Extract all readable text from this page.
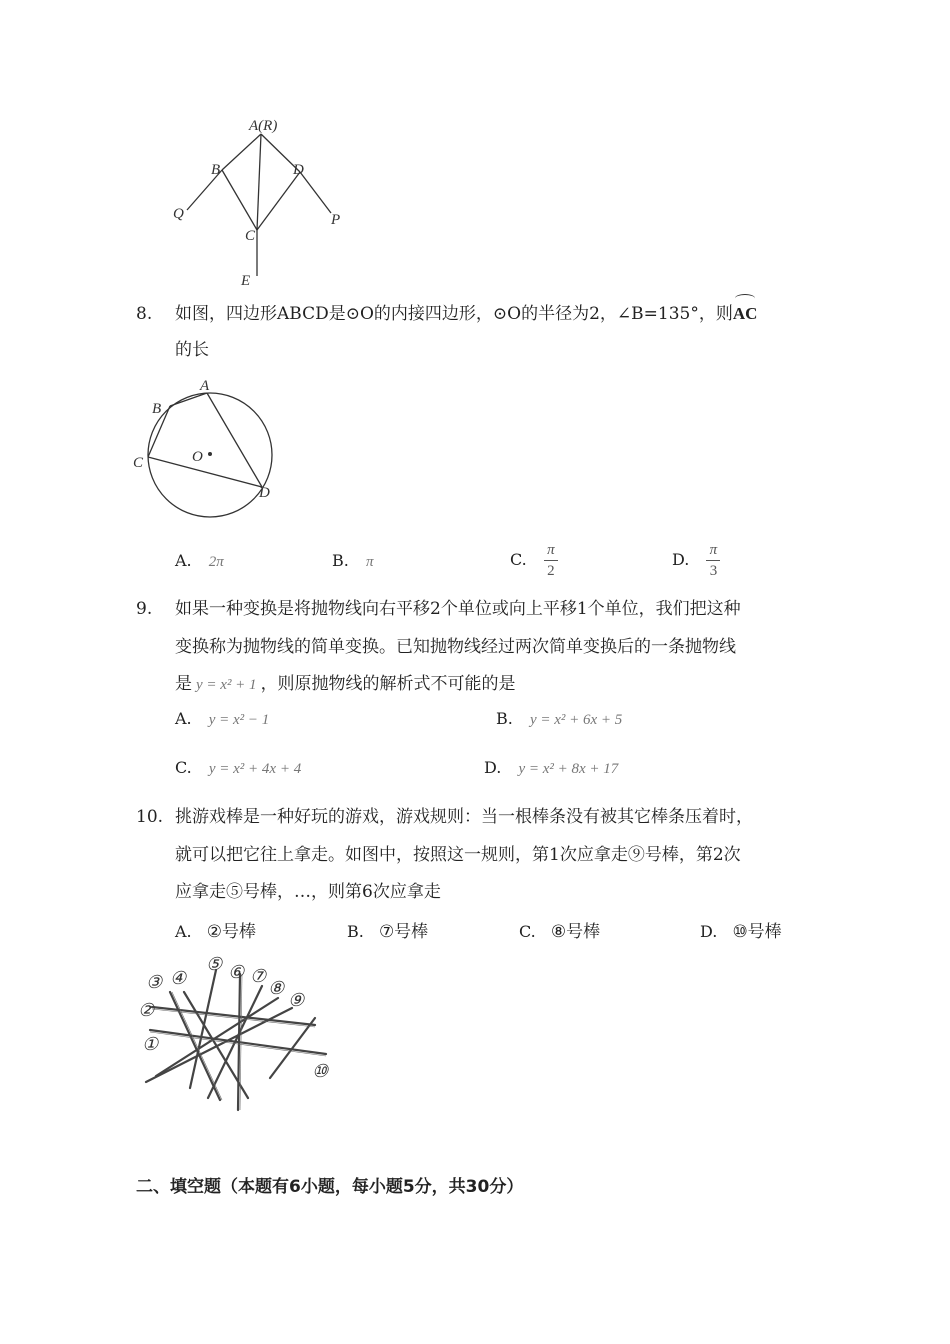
A(R)
B	D
Q	P
C
E
8. 如图，四边形ABCD是⊙O的内接四边形，⊙O的半径为2，∠B=135°，则AC
的长
A
B
C
D
O
A. 2π	B. π	C. $\frac{\pi}{2}$	D. $\frac{\pi}{3}$
9. 如果一种变换是将抛物线向右平移2个单位或向上平移1个单位，我们把这种
变换称为抛物线的简单变换。已知抛物线经过两次简单变换后的一条抛物线
是 y = x² + 1 ，则原抛物线的解析式不可能的是
A. y = x² − 1	B. y = x² + 6x + 5
C. y = x² + 4x + 4	D. y = x² + 8x + 17
10. 挑游戏棒是一种好玩的游戏，游戏规则：当一根棒条没有被其它棒条压着时，
就可以把它往上拿走。如图中，按照这一规则，第1次应拿走⑨号棒，第2次
应拿走⑤号棒，…，则第6次应拿走
A. ②号棒	B. ⑦号棒	C. ⑧号棒	D. ⑩号棒
③ ④
⑤ ⑥ ⑦
⑧
⑨
②
①
⑩
二、填空题（本题有6小题，每小题5分，共30分）
